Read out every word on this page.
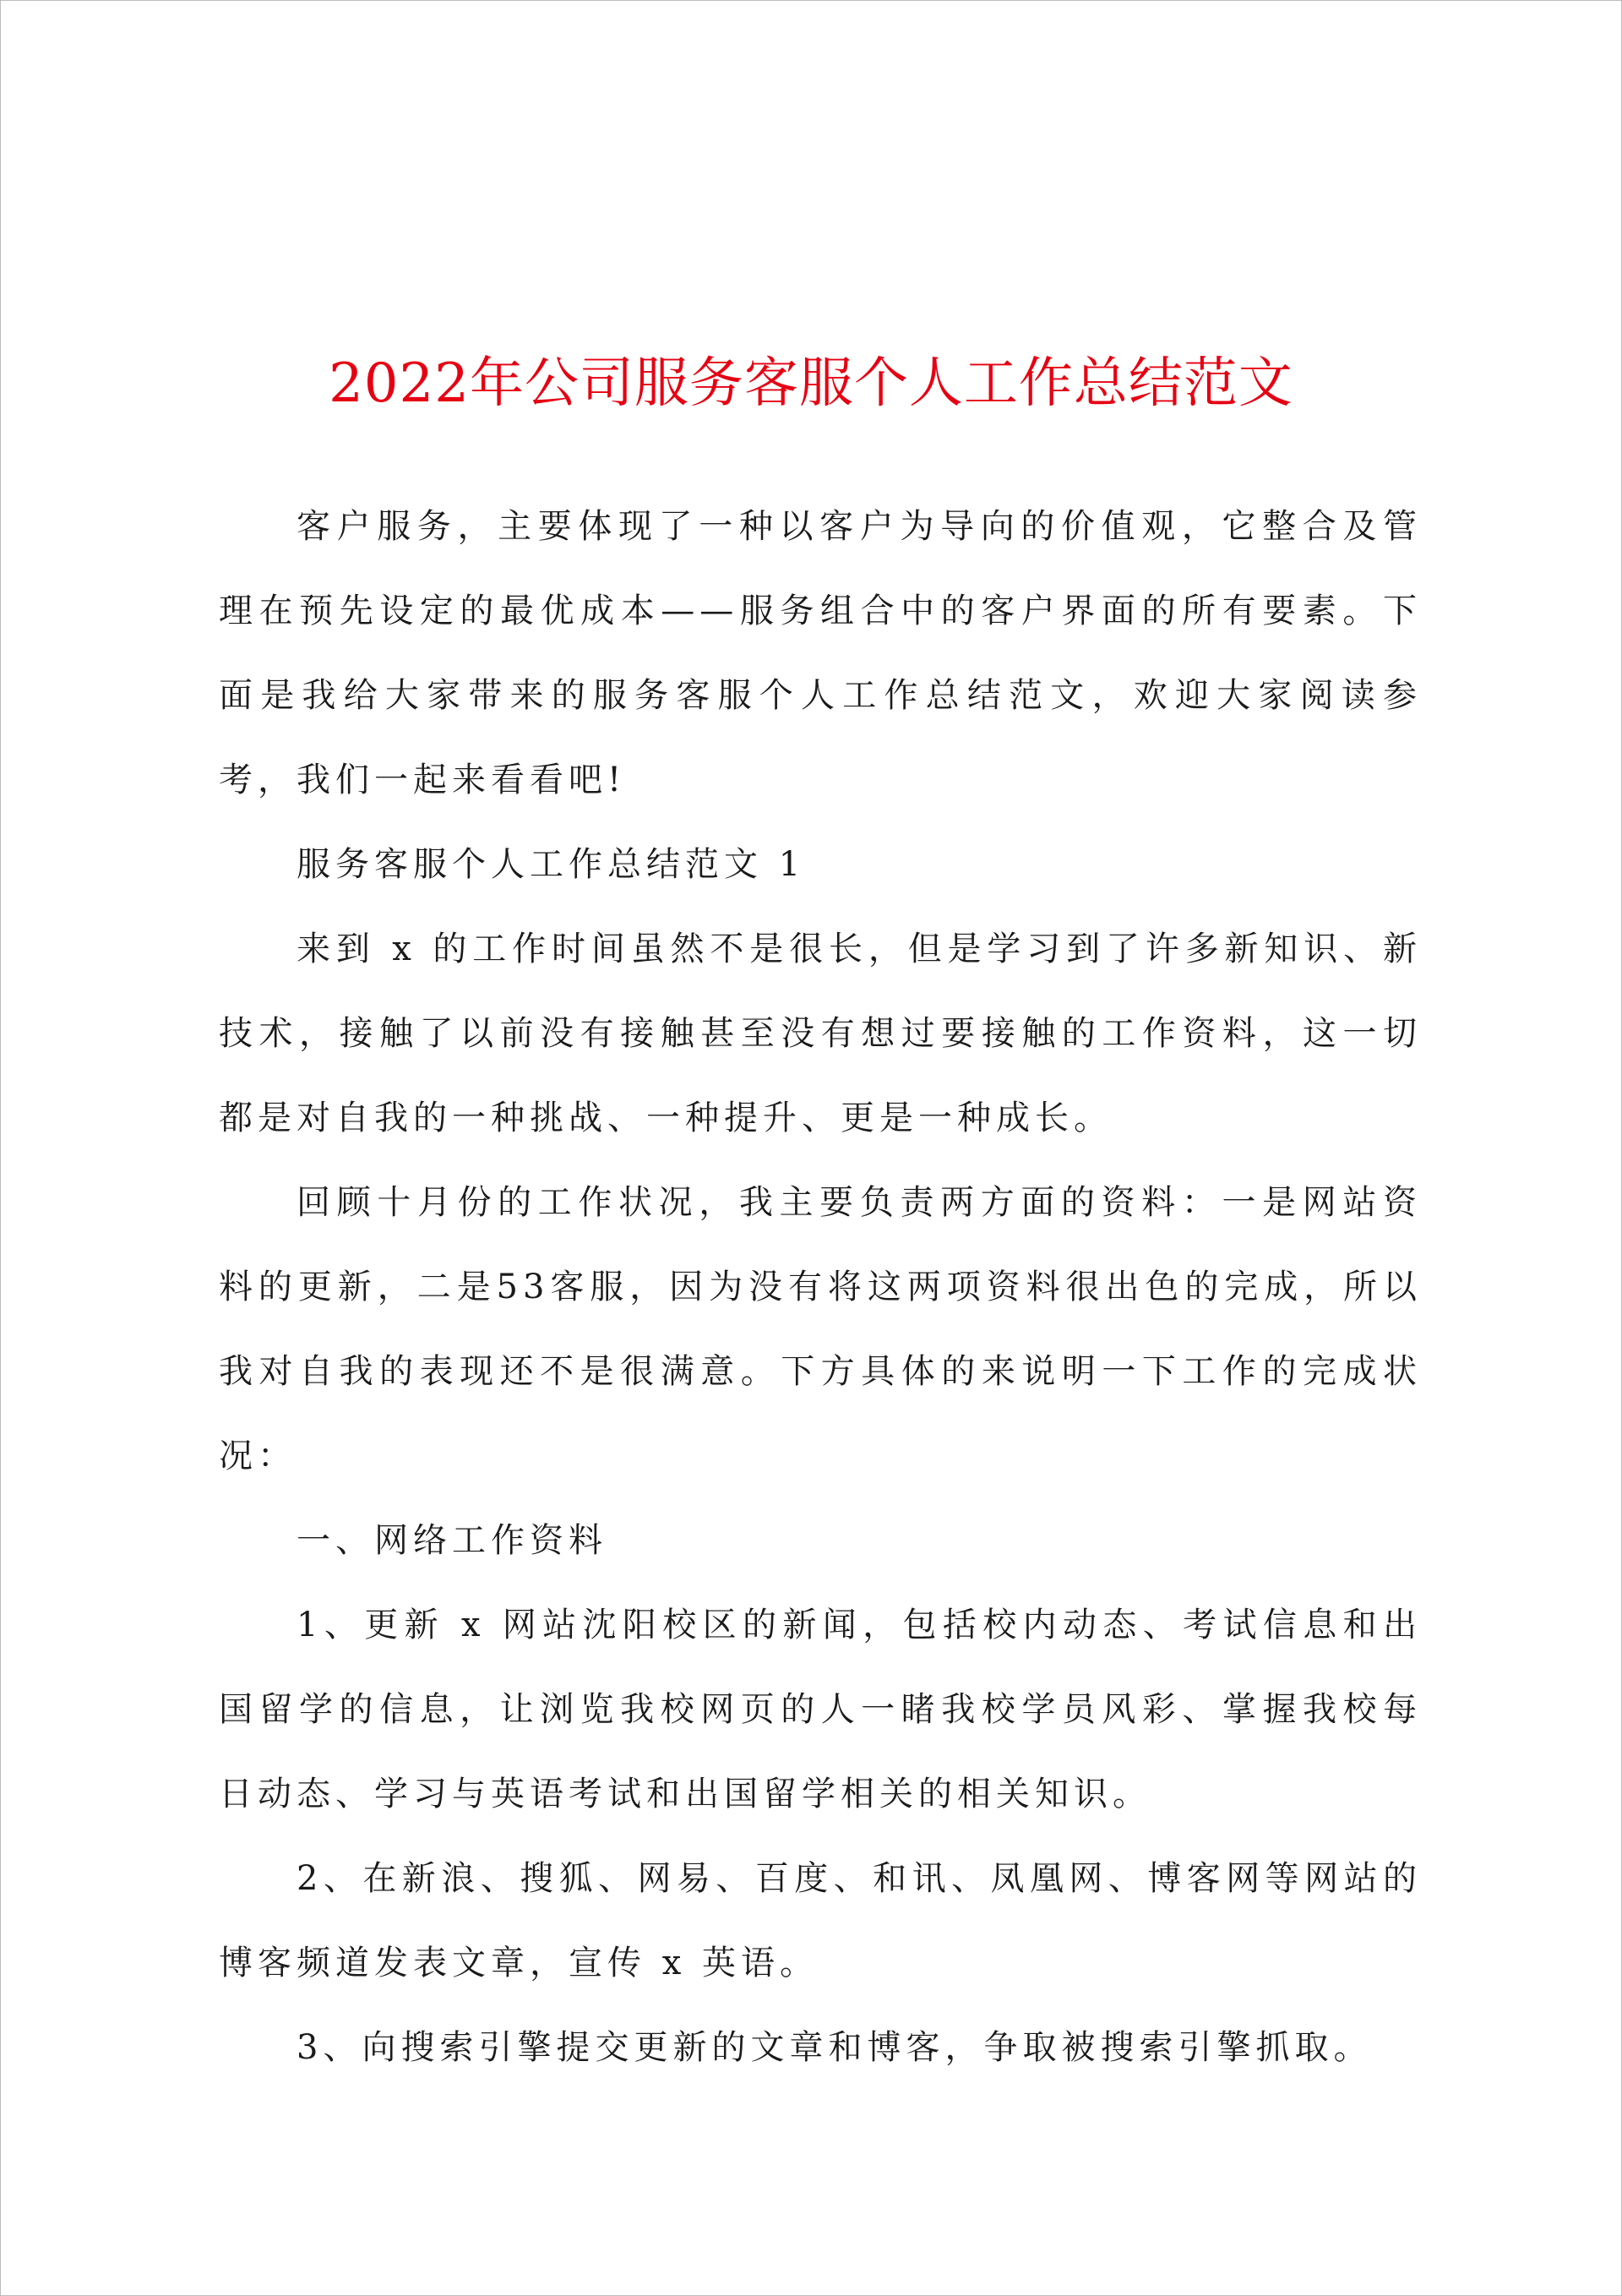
2022年公司服务客服个人工作总结范文

客户服务，主要体现了一种以客户为导向的价值观，它整合及管理在预先设定的最优成本——服务组合中的客户界面的所有要素。下面是我给大家带来的服务客服个人工作总结范文，欢迎大家阅读参考，我们一起来看看吧!

服务客服个人工作总结范文 1

来到 x 的工作时间虽然不是很长，但是学习到了许多新知识、新技术，接触了以前没有接触甚至没有想过要接触的工作资料，这一切都是对自我的一种挑战、一种提升、更是一种成长。

回顾十月份的工作状况，我主要负责两方面的资料：一是网站资料的更新，二是53客服，因为没有将这两项资料很出色的完成，所以我对自我的表现还不是很满意。下方具体的来说明一下工作的完成状况：

一、网络工作资料

1、更新 x 网站沈阳校区的新闻，包括校内动态、考试信息和出国留学的信息，让浏览我校网页的人一睹我校学员风彩、掌握我校每日动态、学习与英语考试和出国留学相关的相关知识。

2、在新浪、搜狐、网易、百度、和讯、凤凰网、博客网等网站的博客频道发表文章，宣传 x 英语。

3、向搜索引擎提交更新的文章和博客，争取被搜索引擎抓取。
